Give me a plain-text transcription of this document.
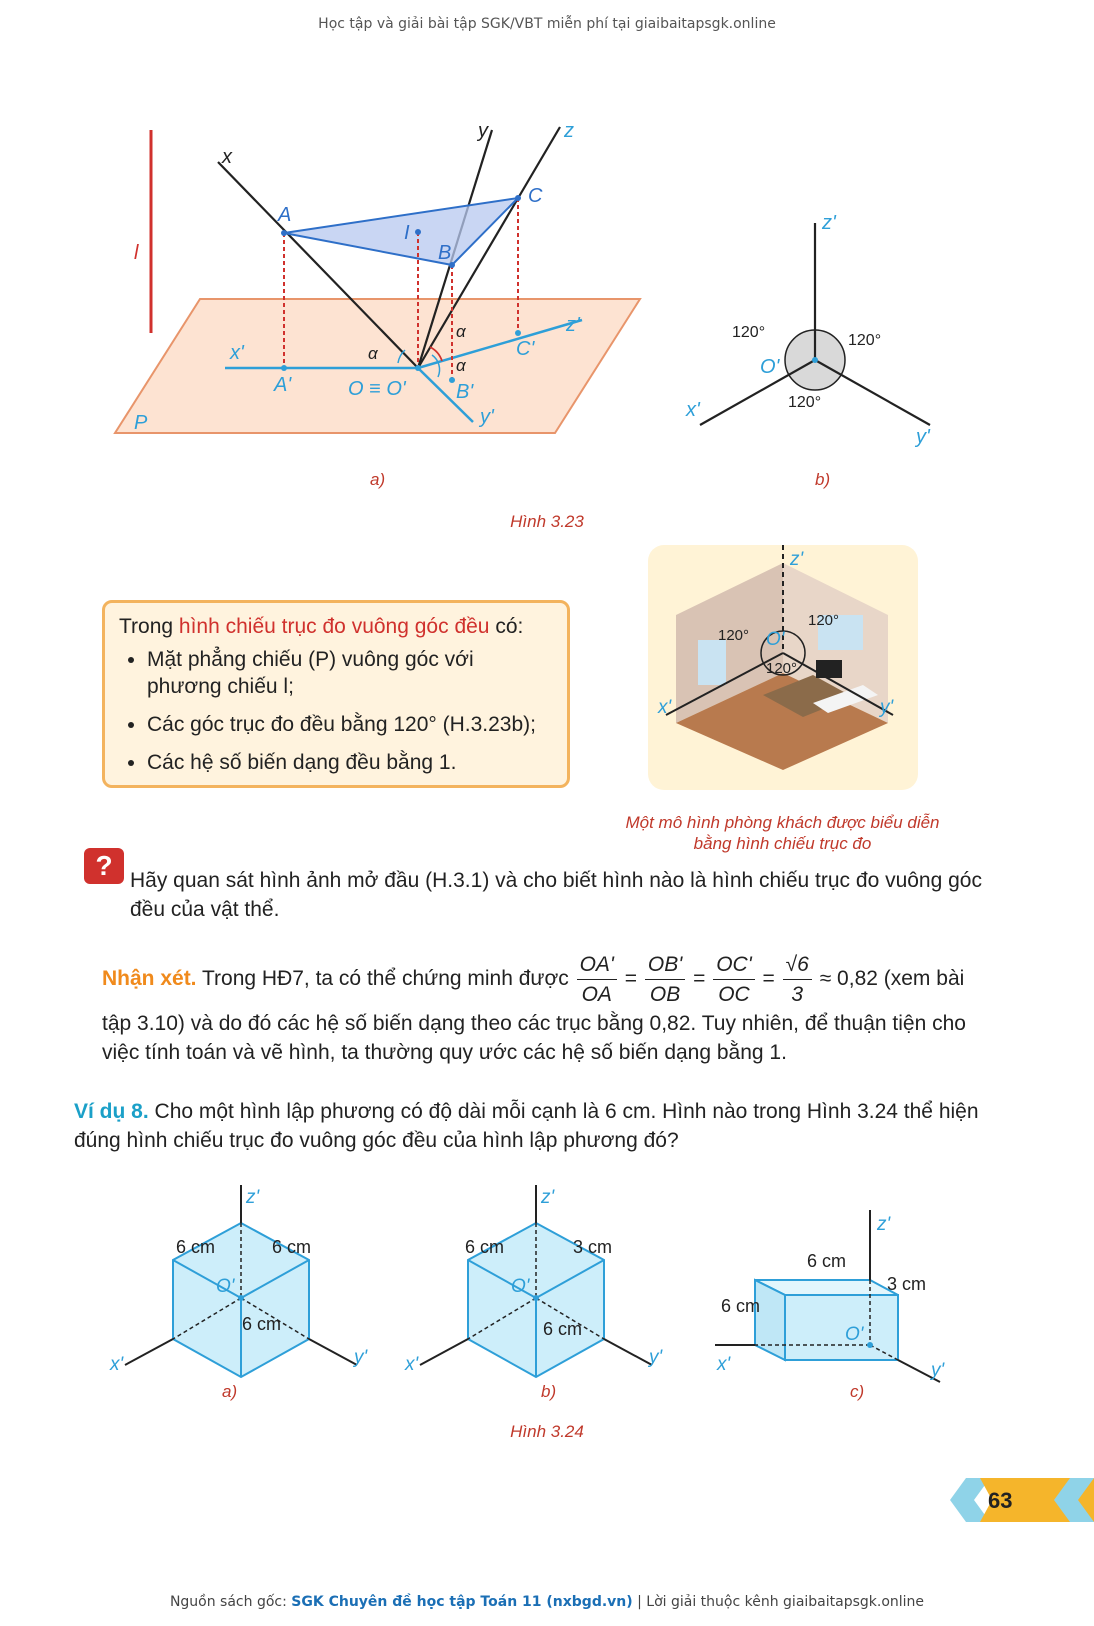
Học tập và giải bài tập SGK/VBT miễn phí tại giaibaitapsgk.online
x
y	z
l
A
B
C
I
x'
z'
y'
A'	B'
C'
O ≡ O'
P
α
α
α
a)
z'
x'
y'
O'
120°	120°
120°
b)
Hình 3.23
Trong hình chiếu trục đo vuông góc đều có:
• Mặt phẳng chiếu (P) vuông góc với phương chiếu l;
• Các góc trục đo đều bằng 120° (H.3.23b);
• Các hệ số biến dạng đều bằng 1.
z'
x'	y'
O'
120°
120°
120°
Một mô hình phòng khách được biểu diễn
bằng hình chiếu trục đo
? Hãy quan sát hình ảnh mở đầu (H.3.1) và cho biết hình nào là hình chiếu trục đo vuông góc đều của vật thể.
Nhận xét. Trong HĐ7, ta có thể chứng minh được $\frac{OA'}{OA} = \frac{OB'}{OB} = \frac{OC'}{OC} = \frac{√6}{3} \approx 0,82$ (xem bài tập 3.10) và do đó các hệ số biến dạng theo các trục bằng 0,82. Tuy nhiên, để thuận tiện cho việc tính toán và vẽ hình, ta thường quy ước các hệ số biến dạng bằng 1.
Ví dụ 8. Cho một hình lập phương có độ dài mỗi cạnh là 6 cm. Hình nào trong Hình 3.24 thể hiện đúng hình chiếu trục đo vuông góc đều của hình lập phương đó?
z'
x'	y'
O'
6 cm	6 cm
6 cm
a)
z'
x'	y'
O'
6 cm	3 cm
6 cm
b)
z'
x'	y'
O'
6 cm
3 cm
6 cm
c)
Hình 3.24
63
Nguồn sách gốc: SGK Chuyên đề học tập Toán 11 (nxbgd.vn) | Lời giải thuộc kênh giaibaitapsgk.online
